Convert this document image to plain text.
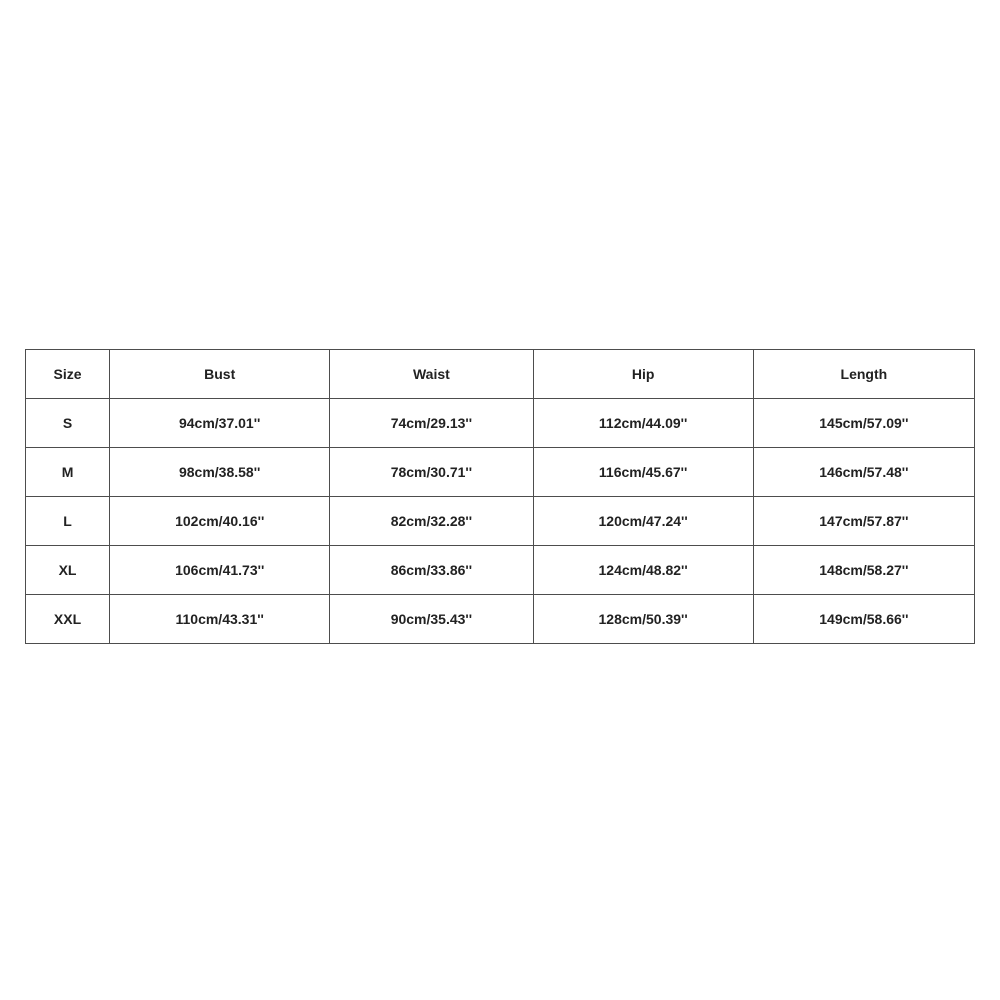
Size	Bust	Waist	Hip	Length
S	94cm/37.01''	74cm/29.13''	112cm/44.09''	145cm/57.09''
M	98cm/38.58''	78cm/30.71''	116cm/45.67''	146cm/57.48''
L	102cm/40.16''	82cm/32.28''	120cm/47.24''	147cm/57.87''
XL	106cm/41.73''	86cm/33.86''	124cm/48.82''	148cm/58.27''
XXL	110cm/43.31''	90cm/35.43''	128cm/50.39''	149cm/58.66''
